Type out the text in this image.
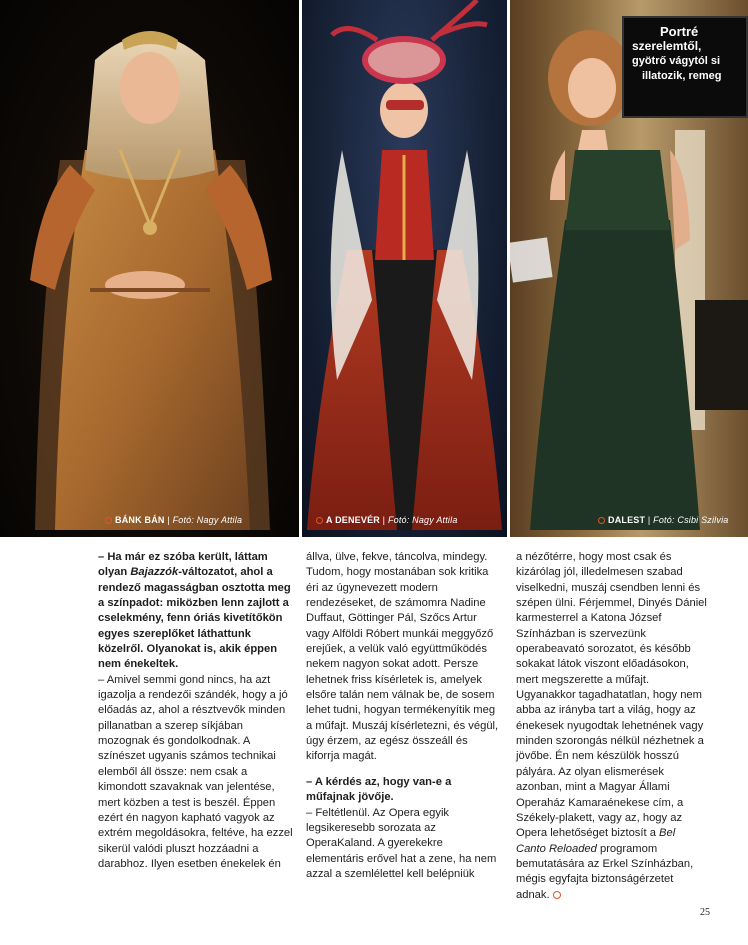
BÁNK BÁN | Fotó: Nagy Attila	A DENEVÉR | Fotó: Nagy Attila
Portré
szerelemtől,
gyötrő vágytól si
illatozik, remeg
DALEST | Fotó: Csibi Szilvia

– Ha már ez szóba került, láttam olyan Bajazzók-változatot, ahol a rendező magasságban osztotta meg a színpadot: miközben lenn zajlott a cselekmény, fenn óriás kivetítőkön egyes szereplőket láthattunk közelről. Olyanokat is, akik éppen nem énekeltek.

– Amivel semmi gond nincs, ha azt igazolja a rendezői szándék, hogy a jó előadás az, ahol a résztvevők minden pillanatban a szerep síkjában mozognak és gondolkodnak. A színészet ugyanis számos technikai elemből áll össze: nem csak a kimondott szavaknak van jelentése, mert közben a test is beszél. Éppen ezért én nagyon kapható vagyok az extrém megoldásokra, feltéve, ha ezzel sikerül valódi pluszt hozzáadni a darabhoz. Ilyen esetben énekelek én

állva, ülve, fekve, táncolva, mindegy. Tudom, hogy mostanában sok kritika éri az úgynevezett modern rendezéseket, de számomra Nadine Duffaut, Göttinger Pál, Szőcs Artur vagy Alföldi Róbert munkái meggyőző erejűek, a velük való együttműködés nekem nagyon sokat adott. Persze lehetnek friss kísérletek is, amelyek elsőre talán nem válnak be, de sosem lehet tudni, hogyan termékenyítik meg a műfajt. Muszáj kísérletezni, és végül, úgy érzem, az egész összeáll és kiforrja magát.

– A kérdés az, hogy van-e a műfajnak jövője.

– Feltétlenül. Az Opera egyik legsikeresebb sorozata az OperaKaland. A gyerekekre elementáris erővel hat a zene, ha nem azzal a szemlélettel kell belépniük

a nézőtérre, hogy most csak és kizárólag jól, illedelmesen szabad viselkedni, muszáj csendben lenni és szépen ülni. Férjemmel, Dinyés Dániel karmesterrel a Katona József Színházban is szervezünk operabeavató sorozatot, és később sokakat látok viszont előadásokon, mert megszerette a műfajt. Ugyanakkor tagadhatatlan, hogy nem abba az irányba tart a világ, hogy az énekesek nyugodtak lehetnének vagy minden szorongás nélkül nézhetnek a jövőbe. Én nem készülök hosszú pályára. Az olyan elismerések azonban, mint a Magyar Állami Operaház Kamaraénekese cím, a Székely-plakett, vagy az, hogy az Opera lehetőséget biztosít a Bel Canto Reloaded programom bemutatására az Erkel Színházban, mégis egyfajta biztonságérzetet adnak.

25
